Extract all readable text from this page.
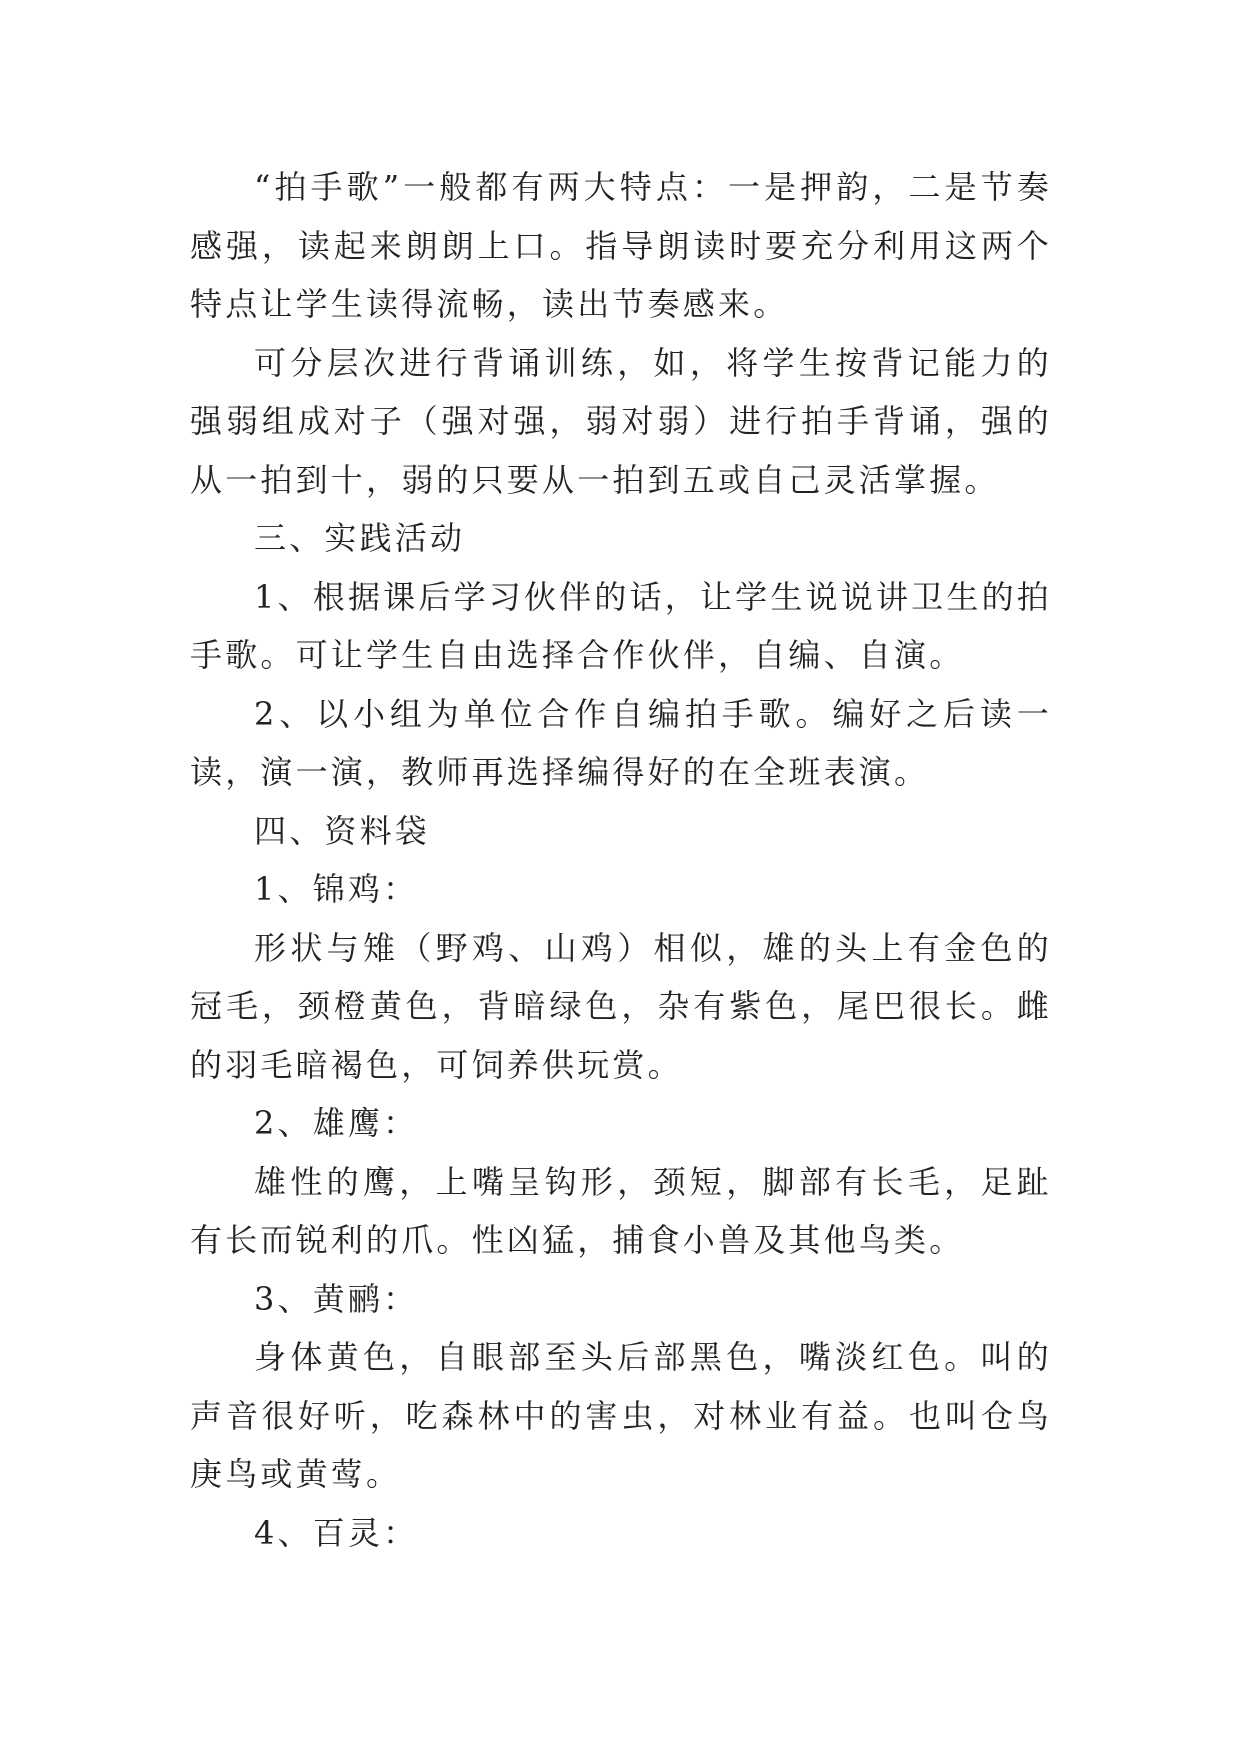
“拍手歌”一般都有两大特点：一是押韵，二是节奏感强，读起来朗朗上口。指导朗读时要充分利用这两个特点让学生读得流畅，读出节奏感来。

可分层次进行背诵训练，如，将学生按背记能力的强弱组成对子（强对强，弱对弱）进行拍手背诵，强的从一拍到十，弱的只要从一拍到五或自己灵活掌握。

三、实践活动

1、根据课后学习伙伴的话，让学生说说讲卫生的拍手歌。可让学生自由选择合作伙伴，自编、自演。

2、以小组为单位合作自编拍手歌。编好之后读一读，演一演，教师再选择编得好的在全班表演。

四、资料袋

1、锦鸡：

形状与雉（野鸡、山鸡）相似，雄的头上有金色的冠毛，颈橙黄色，背暗绿色，杂有紫色，尾巴很长。雌的羽毛暗褐色，可饲养供玩赏。

2、雄鹰：

雄性的鹰，上嘴呈钩形，颈短，脚部有长毛，足趾有长而锐利的爪。性凶猛，捕食小兽及其他鸟类。

3、黄鹂：

身体黄色，自眼部至头后部黑色，嘴淡红色。叫的声音很好听，吃森林中的害虫，对林业有益。也叫仓鸟庚鸟或黄莺。

4、百灵：
